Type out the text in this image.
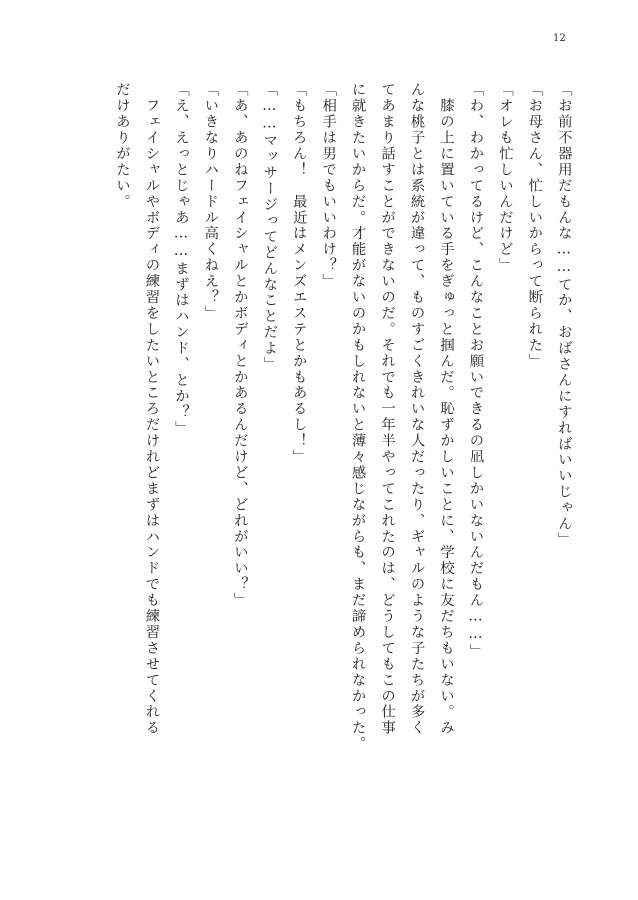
12
「お前不器用だもんな……てか、おばさんにすればいいじゃん」
「お母さん、忙しいからって断られた」
「オレも忙しいんだけど」
「わ、わかってるけど、こんなことお願いできるの凪しかいないんだもん……」
　膝の上に置いている手をぎゅっと掴んだ。恥ずかしいことに、学校に友だちもいない。み
んな桃子とは系統が違って、ものすごくきれいな人だったり、ギャルのような子たちが多く
てあまり話すことができないのだ。それでも一年半やってこれたのは、どうしてもこの仕事
に就きたいからだ。才能がないのかもしれないと薄々感じながらも、まだ諦められなかった。
「相手は男でもいいわけ？」
「もちろん！　最近はメンズエステとかもあるし！」
「……マッサージってどんなことだよ」
「あ、あのねフェイシャルとかボディとかあるんだけど、どれがいい？」
「いきなりハードル高くねえ？」
「え、えっとじゃあ……まずはハンド、とか？」
　フェイシャルやボディの練習をしたいところだけれどまずはハンドでも練習させてくれる
だけありがたい。
